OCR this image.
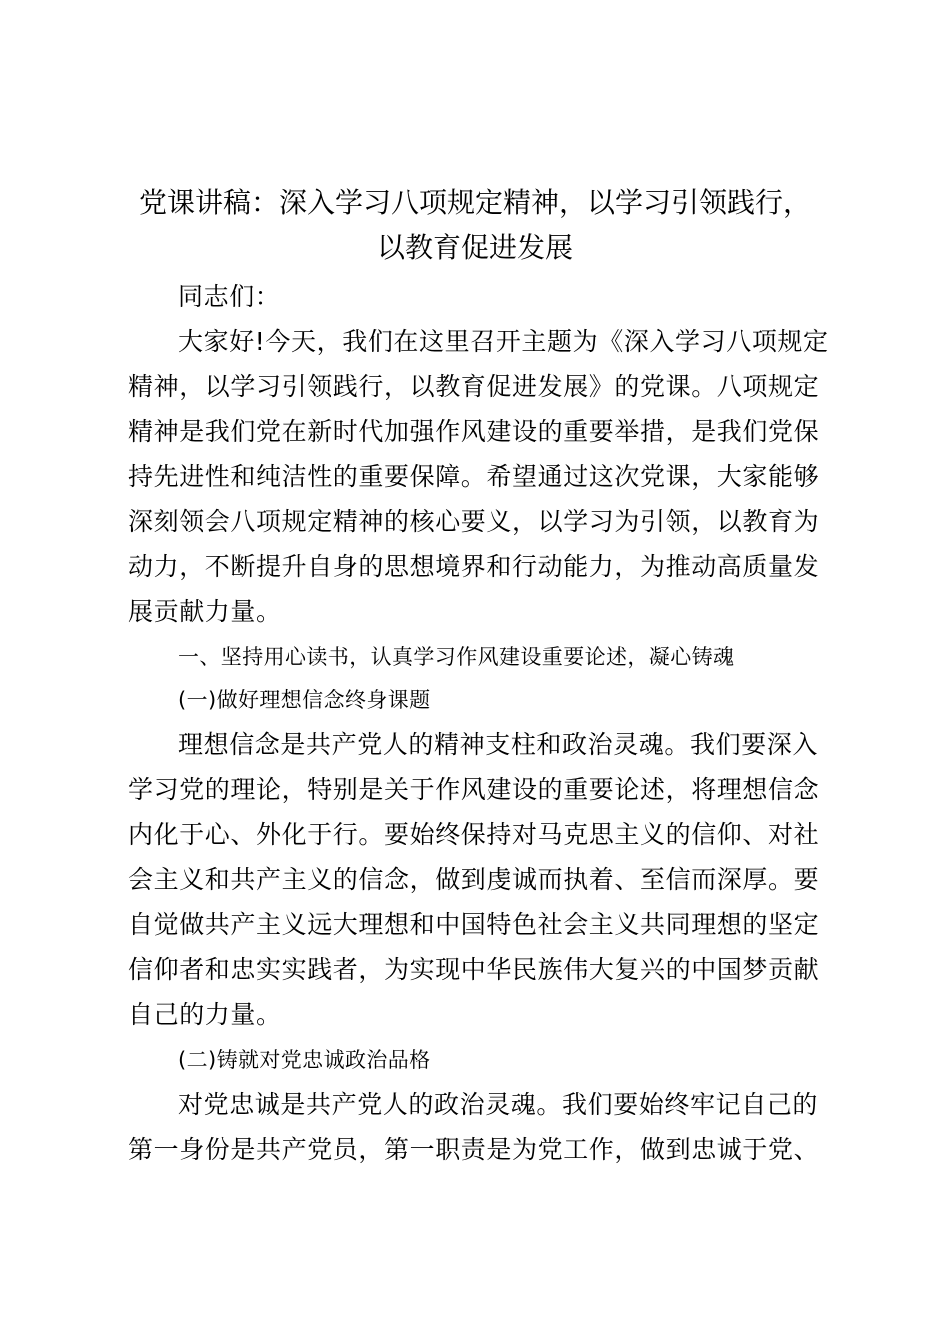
党课讲稿：深入学习八项规定精神，以学习引领践行，
以教育促进发展
同志们：
大家好!今天，我们在这里召开主题为《深入学习八项规定
精神，以学习引领践行，以教育促进发展》的党课。八项规定
精神是我们党在新时代加强作风建设的重要举措，是我们党保
持先进性和纯洁性的重要保障。希望通过这次党课，大家能够
深刻领会八项规定精神的核心要义，以学习为引领，以教育为
动力，不断提升自身的思想境界和行动能力，为推动高质量发
展贡献力量。
一、坚持用心读书，认真学习作风建设重要论述，凝心铸魂
(一)做好理想信念终身课题
理想信念是共产党人的精神支柱和政治灵魂。我们要深入
学习党的理论，特别是关于作风建设的重要论述，将理想信念
内化于心、外化于行。要始终保持对马克思主义的信仰、对社
会主义和共产主义的信念，做到虔诚而执着、至信而深厚。要
自觉做共产主义远大理想和中国特色社会主义共同理想的坚定
信仰者和忠实实践者，为实现中华民族伟大复兴的中国梦贡献
自己的力量。
(二)铸就对党忠诚政治品格
对党忠诚是共产党人的政治灵魂。我们要始终牢记自己的
第一身份是共产党员，第一职责是为党工作，做到忠诚于党、
